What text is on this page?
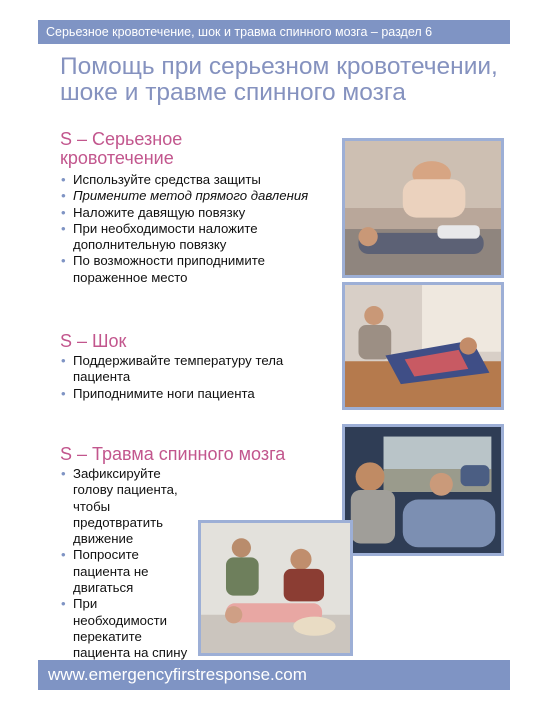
Серьезное кровотечение, шок и травма спинного мозга – раздел 6
Помощь при серьезном кровотечении, шоке и травме спинного мозга
S – Серьезное кровотечение
• Используйте средства защиты
• Примените метод прямого давления
• Наложите давящую повязку
• При необходимости наложите дополнительную повязку
• По возможности приподнимите пораженное место
S – Шок
• Поддерживайте температуру тела пациента
• Приподнимите ноги пациента
S – Травма спинного мозга
• Зафиксируйте голову пациента, чтобы предотвратить движение
• Попросите пациента не двигаться
• При необходимости перекатите пациента на спину
www.emergencyfirstresponse.com
